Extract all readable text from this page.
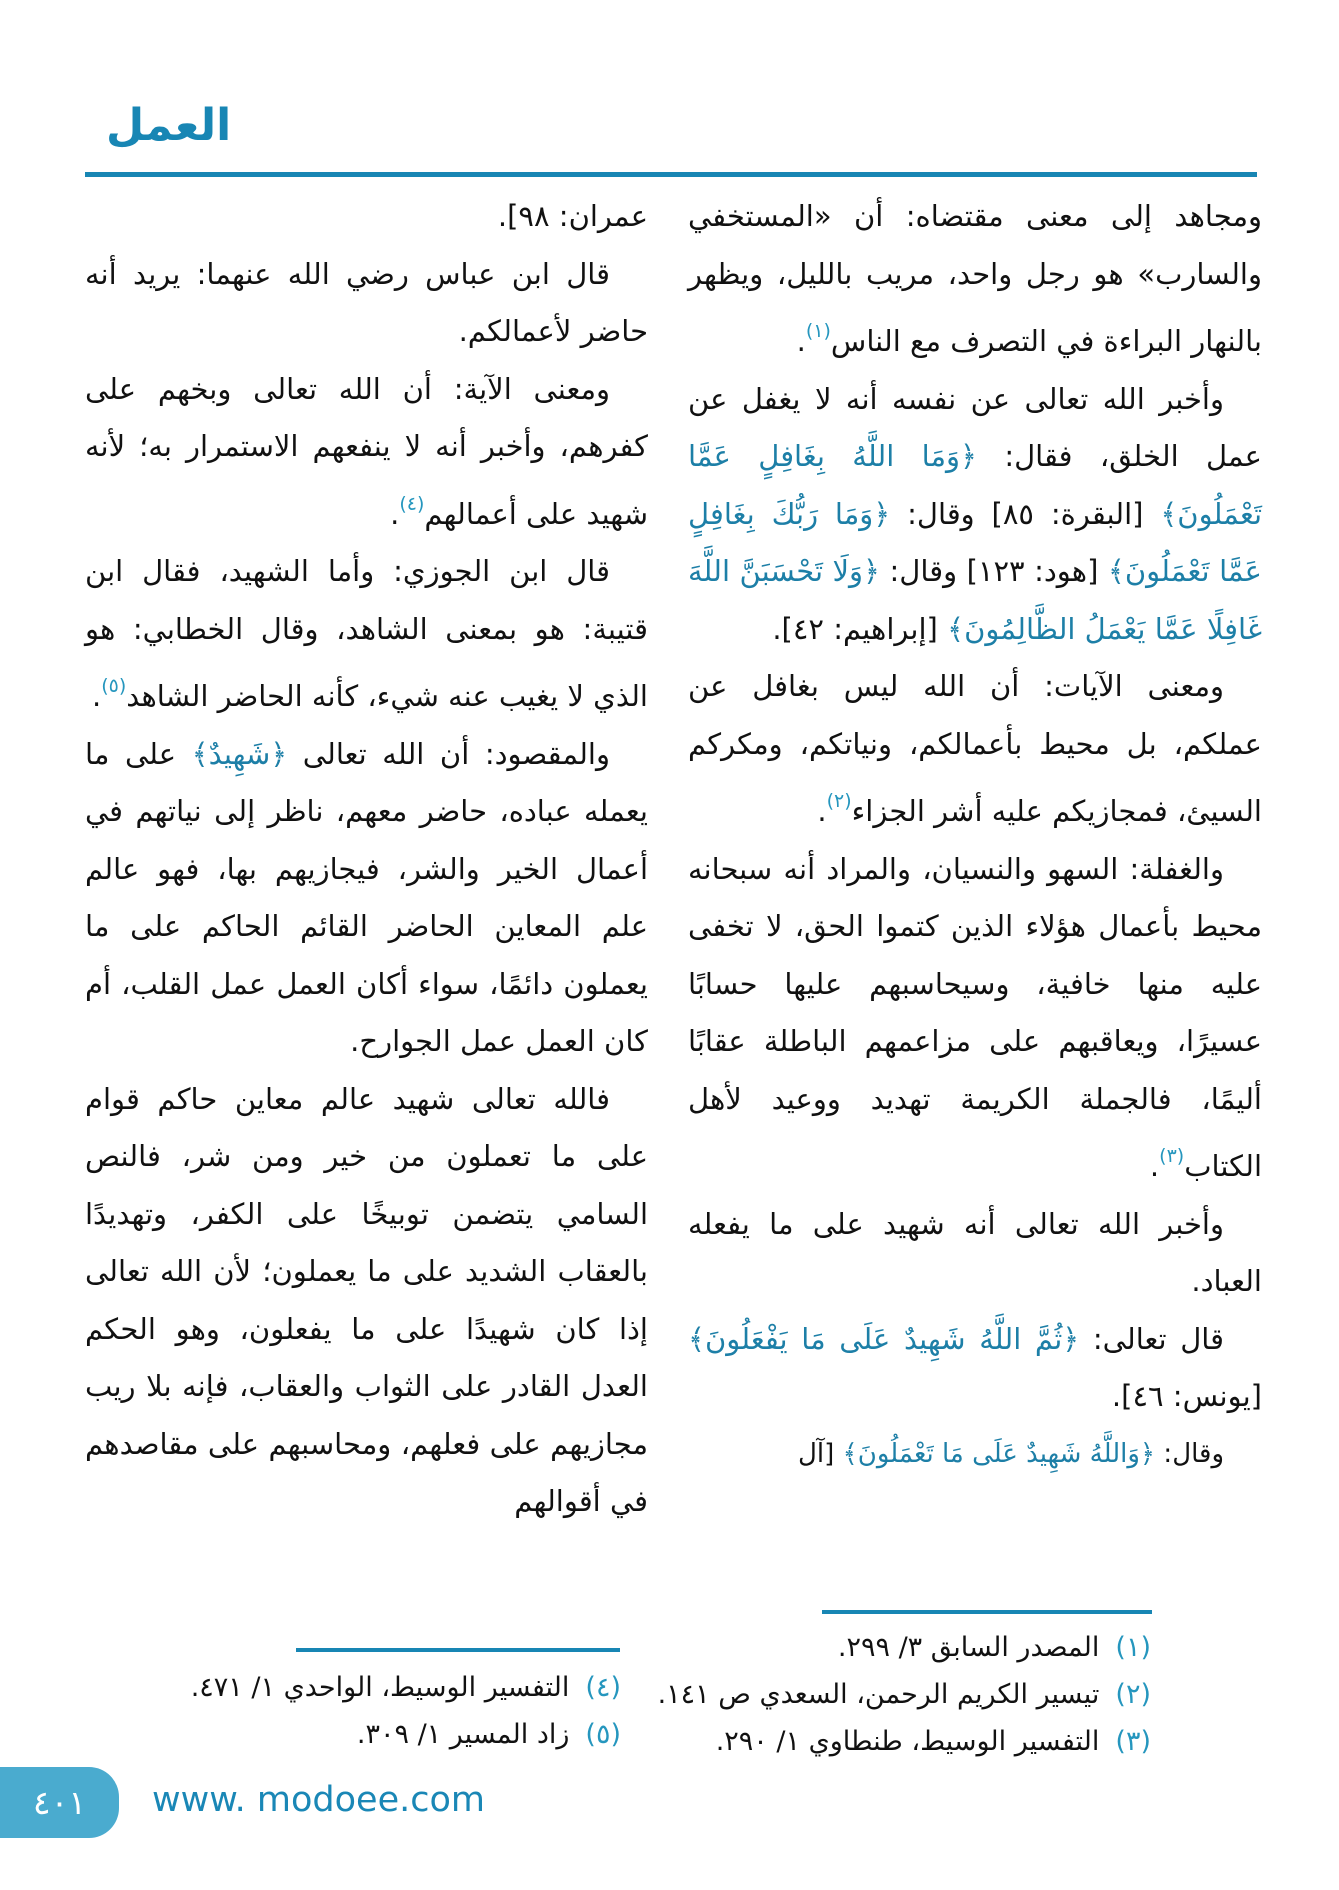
العمل

ومجاهد إلى معنى مقتضاه: أن «المستخفي والسارب» هو رجل واحد، مريب بالليل، ويظهر بالنهار البراءة في التصرف مع الناس$^{(١)}$.

وأخبر الله تعالى عن نفسه أنه لا يغفل عن عمل الخلق، فقال: ﴿وَمَا اللَّهُ بِغَافِلٍ عَمَّا تَعْمَلُونَ﴾ [البقرة: ٨٥] وقال: ﴿وَمَا رَبُّكَ بِغَافِلٍ عَمَّا تَعْمَلُونَ﴾ [هود: ١٢٣] وقال: ﴿وَلَا تَحْسَبَنَّ اللَّهَ غَافِلًا عَمَّا يَعْمَلُ الظَّالِمُونَ﴾ [إبراهيم: ٤٢].

ومعنى الآيات: أن الله ليس بغافل عن عملكم، بل محيط بأعمالكم، ونياتكم، ومكركم السيئ، فمجازيكم عليه أشر الجزاء$^{(٢)}$.

والغفلة: السهو والنسيان، والمراد أنه سبحانه محيط بأعمال هؤلاء الذين كتموا الحق، لا تخفى عليه منها خافية، وسيحاسبهم عليها حسابًا عسيرًا، ويعاقبهم على مزاعمهم الباطلة عقابًا أليمًا، فالجملة الكريمة تهديد ووعيد لأهل الكتاب$^{(٣)}$.

وأخبر الله تعالى أنه شهيد على ما يفعله العباد.

قال تعالى: ﴿ثُمَّ اللَّهُ شَهِيدٌ عَلَى مَا يَفْعَلُونَ﴾ [يونس: ٤٦].

وقال: ﴿وَاللَّهُ شَهِيدٌ عَلَى مَا تَعْمَلُونَ﴾ [آل

عمران: ٩٨].

قال ابن عباس رضي الله عنهما: يريد أنه حاضر لأعمالكم.

ومعنى الآية: أن الله تعالى وبخهم على كفرهم، وأخبر أنه لا ينفعهم الاستمرار به؛ لأنه شهيد على أعمالهم$^{(٤)}$.

قال ابن الجوزي: وأما الشهيد، فقال ابن قتيبة: هو بمعنى الشاهد، وقال الخطابي: هو الذي لا يغيب عنه شيء، كأنه الحاضر الشاهد$^{(٥)}$.

والمقصود: أن الله تعالى ﴿شَهِيدٌ﴾ على ما يعمله عباده، حاضر معهم، ناظر إلى نياتهم في أعمال الخير والشر، فيجازيهم بها، فهو عالم علم المعاين الحاضر القائم الحاكم على ما يعملون دائمًا، سواء أكان العمل عمل القلب، أم كان العمل عمل الجوارح.

فالله تعالى شهيد عالم معاين حاكم قوام على ما تعملون من خير ومن شر، فالنص السامي يتضمن توبيخًا على الكفر، وتهديدًا بالعقاب الشديد على ما يعملون؛ لأن الله تعالى إذا كان شهيدًا على ما يفعلون، وهو الحكم العدل القادر على الثواب والعقاب، فإنه بلا ريب مجازيهم على فعلهم، ومحاسبهم على مقاصدهم في أقوالهم

(١)المصدر السابق ٣/ ٢٩٩.
(٢)تيسير الكريم الرحمن، السعدي ص ١٤١.
(٣)التفسير الوسيط، طنطاوي ١/ ٢٩٠.
(٤)التفسير الوسيط، الواحدي ١/ ٤٧١.
(٥)زاد المسير ١/ ٣٠٩.
٤٠١ www. modoee.com
